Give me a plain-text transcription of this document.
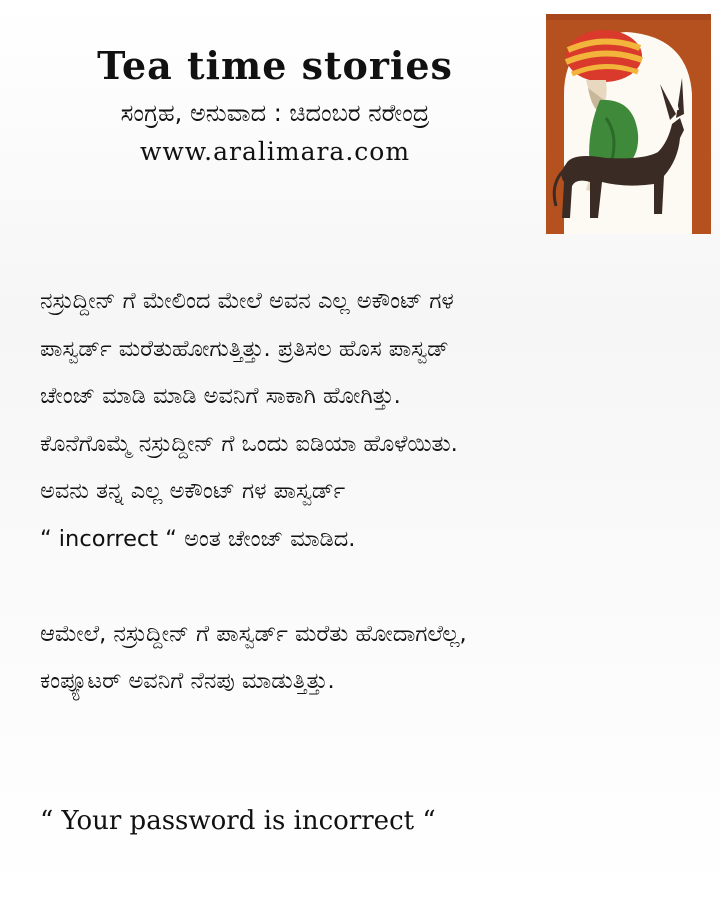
Tea time stories

ಸಂಗ್ರಹ, ಅನುವಾದ : ಚಿದಂಬರ ನರೇಂದ್ರ

www.aralimara.com

ನಸ್ರುದ್ದೀನ್ ಗೆ ಮೇಲಿಂದ ಮೇಲೆ ಅವನ ಎಲ್ಲ ಅಕೌಂಟ್ ಗಳ
ಪಾಸ್ವರ್ಡ್ ಮರೆತುಹೋಗುತ್ತಿತ್ತು. ಪ್ರತಿಸಲ ಹೊಸ ಪಾಸ್ವಡ್
ಚೇಂಜ್ ಮಾಡಿ ಮಾಡಿ ಅವನಿಗೆ ಸಾಕಾಗಿ ಹೋಗಿತ್ತು.
ಕೊನೆಗೊಮ್ಮೆ ನಸ್ರುದ್ದೀನ್ ಗೆ ಒಂದು ಐಡಿಯಾ ಹೊಳೆಯಿತು.
ಅವನು ತನ್ನ ಎಲ್ಲ ಅಕೌಂಟ್ ಗಳ ಪಾಸ್ವರ್ಡ್
“ incorrect “ ಅಂತ ಚೇಂಜ್ ಮಾಡಿದ.
ಆಮೇಲೆ, ನಸ್ರುದ್ದೀನ್ ಗೆ ಪಾಸ್ವರ್ಡ್ ಮರೆತು ಹೋದಾಗಲೆಲ್ಲ,
ಕಂಪ್ಯೂಟರ್ ಅವನಿಗೆ ನೆನಪು ಮಾಡುತ್ತಿತ್ತು.
“ Your password is incorrect “
